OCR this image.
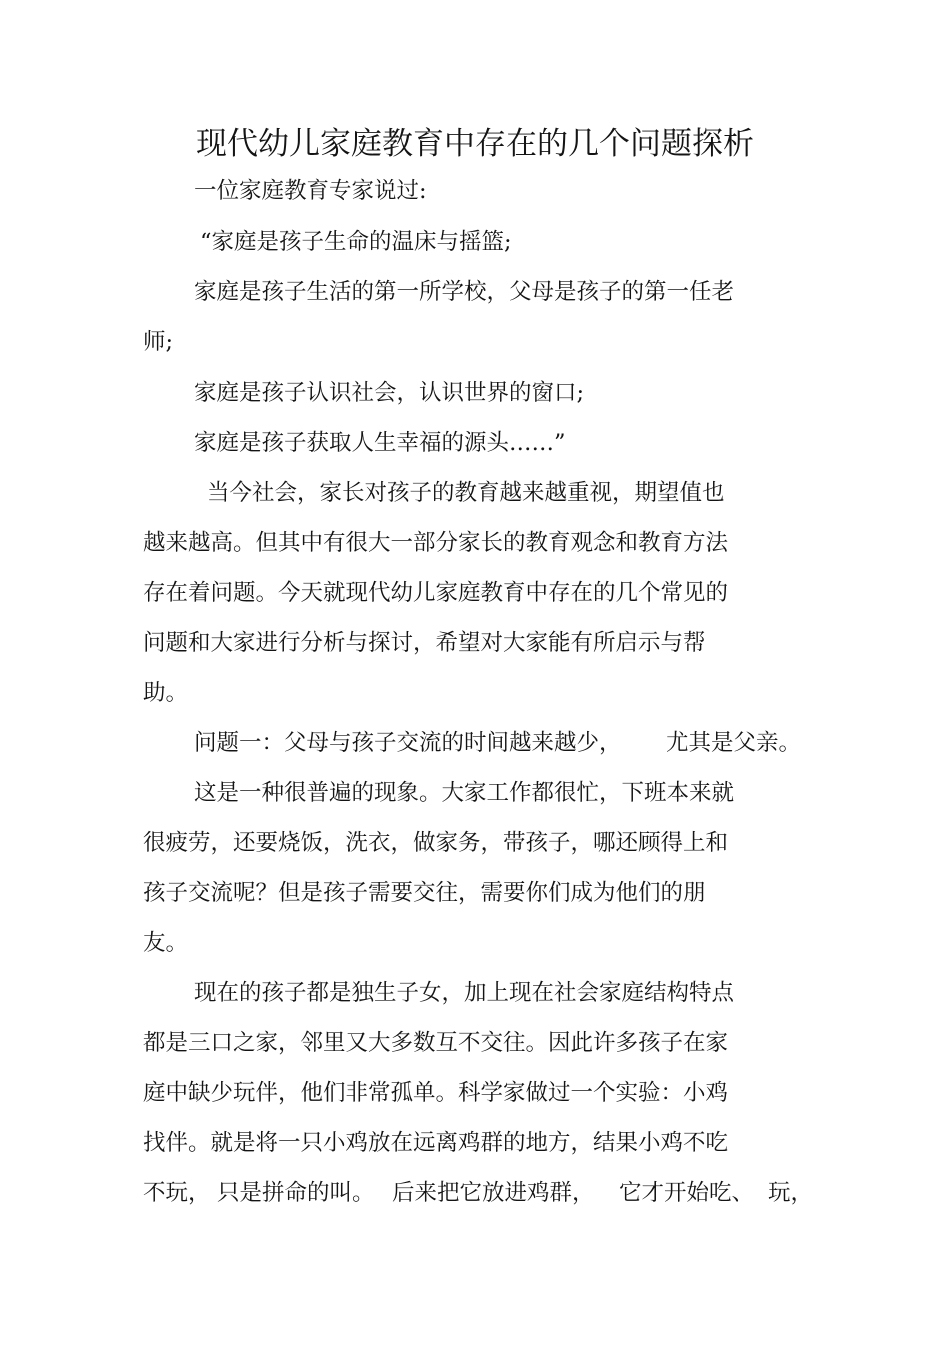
现代幼儿家庭教育中存在的几个问题探析
一位家庭教育专家说过:
“家庭是孩子生命的温床与摇篮;
家庭是孩子生活的第一所学校，父母是孩子的第一任老
师;
家庭是孩子认识社会，认识世界的窗口;
家庭是孩子获取人生幸福的源头……”
当今社会，家长对孩子的教育越来越重视，期望值也
越来越高。但其中有很大一部分家长的教育观念和教育方法
存在着问题。今天就现代幼儿家庭教育中存在的几个常见的
问题和大家进行分析与探讨，希望对大家能有所启示与帮
助。
问题一：父母与孩子交流的时间越来越少， 尤其是父亲。
这是一种很普遍的现象。大家工作都很忙，下班本来就
很疲劳，还要烧饭，洗衣，做家务，带孩子，哪还顾得上和
孩子交流呢？但是孩子需要交往，需要你们成为他们的朋
友。
现在的孩子都是独生子女，加上现在社会家庭结构特点
都是三口之家，邻里又大多数互不交往。因此许多孩子在家
庭中缺少玩伴，他们非常孤单。科学家做过一个实验：小鸡
找伴。就是将一只小鸡放在远离鸡群的地方，结果小鸡不吃
不玩， 只是拼命的叫。 后来把它放进鸡群， 它才开始吃、 玩，
